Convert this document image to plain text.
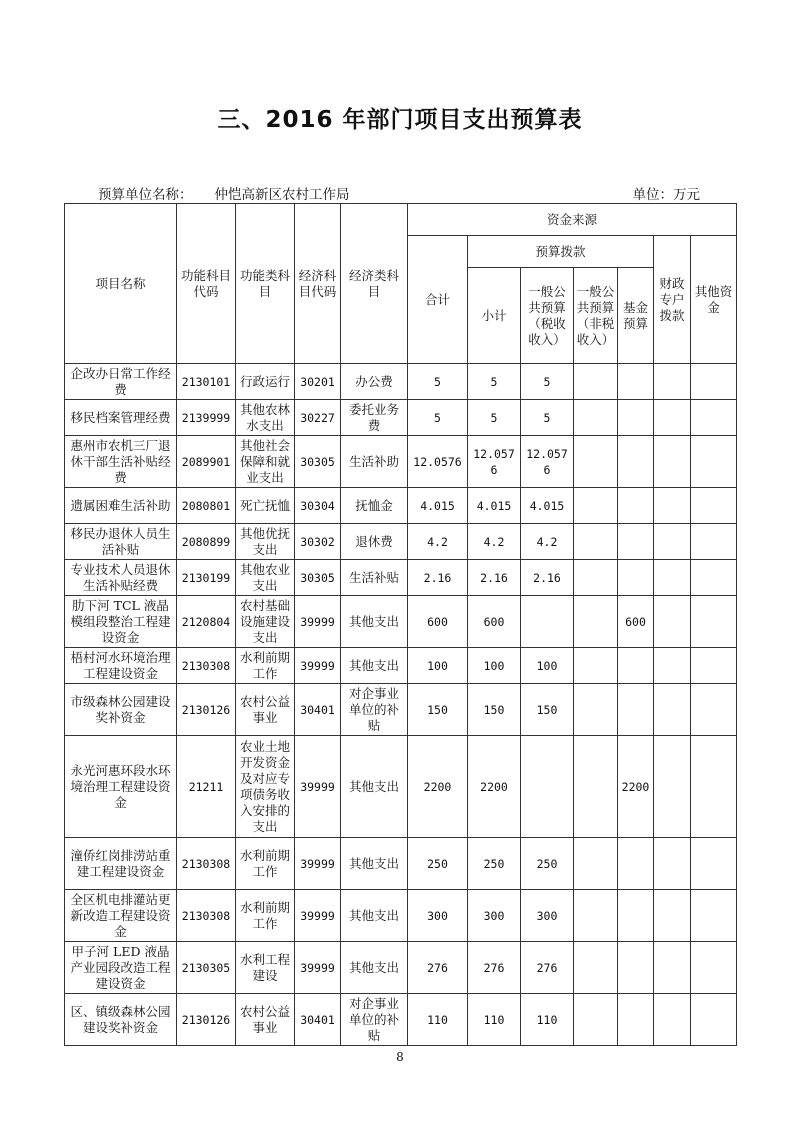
三、2016 年部门项目支出预算表
预算单位名称： 仲恺高新区农村工作局	单位：万元
项目名称	功能科目代码	功能类科目	经济科目代码	经济类科目	资金来源						
					合计	预算拨款				财政专户拨款	其他资金
						小计	一般公共预算（税收收入）	一般公共预算（非税收入）	基金预算		

企改办日常工作经费	2130101	行政运行	30201	办公费	5	5	5				
移民档案管理经费	2139999	其他农林水支出	30227	委托业务费	5	5	5				
惠州市农机三厂退休干部生活补贴经费	2089901	其他社会保障和就业支出	30305	生活补助	12.0576	12.0576	12.0576				
遗属困难生活补助	2080801	死亡抚恤	30304	抚恤金	4.015	4.015	4.015				
移民办退休人员生活补贴	2080899	其他优抚支出	30302	退休费	4.2	4.2	4.2				
专业技术人员退休生活补贴经费	2130199	其他农业支出	30305	生活补贴	2.16	2.16	2.16				
肋下河 TCL 液晶模组段整治工程建设资金	2120804	农村基础设施建设支出	39999	其他支出	600	600			600		
梧村河水环境治理工程建设资金	2130308	水利前期工作	39999	其他支出	100	100	100				
市级森林公园建设奖补资金	2130126	农村公益事业	30401	对企事业单位的补贴	150	150	150				
永光河惠环段水环境治理工程建设资金	21211	农业土地开发资金及对应专项债务收入安排的支出	39999	其他支出	2200	2200			2200		
潼侨红岗排涝站重建工程建设资金	2130308	水利前期工作	39999	其他支出	250	250	250				
全区机电排灌站更新改造工程建设资金	2130308	水利前期工作	39999	其他支出	300	300	300				
甲子河 LED 液晶产业园段改造工程建设资金	2130305	水利工程建设	39999	其他支出	276	276	276				
区、镇级森林公园建设奖补资金	2130126	农村公益事业	30401	对企事业单位的补贴	110	110	110				
8
